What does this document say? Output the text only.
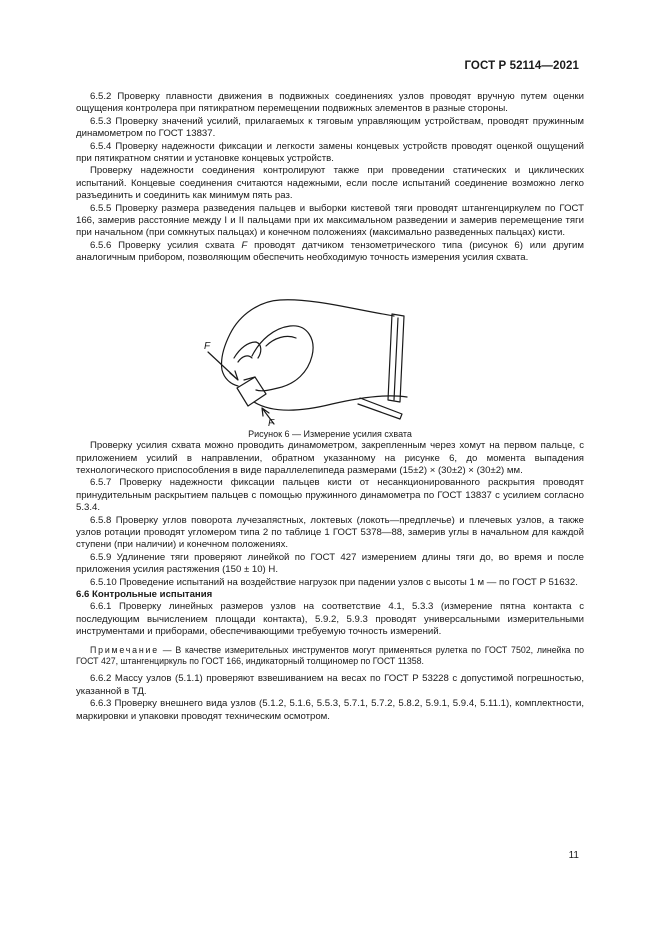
ГОСТ Р 52114—2021

6.5.2 Проверку плавности движения в подвижных соединениях узлов проводят вручную путем оценки ощущения контролера при пятикратном перемещении подвижных элементов в разные стороны.

6.5.3 Проверку значений усилий, прилагаемых к тяговым управляющим устройствам, проводят пружинным динамометром по ГОСТ 13837.

6.5.4 Проверку надежности фиксации и легкости замены концевых устройств проводят оценкой ощущений при пятикратном снятии и установке концевых устройств.

Проверку надежности соединения контролируют также при проведении статических и циклических испытаний. Концевые соединения считаются надежными, если после испытаний соединение возможно легко разъединить и соединить как минимум пять раз.

6.5.5 Проверку размера разведения пальцев и выборки кистевой тяги проводят штангенциркулем по ГОСТ 166, замерив расстояние между I и II пальцами при их максимальном разведении и замерив перемещение тяги при начальном (при сомкнутых пальцах) и конечном положениях (максимально разведенных пальцах) кисти.

6.5.6 Проверку усилия схвата F проводят датчиком тензометрического типа (рисунок 6) или другим аналогичным прибором, позволяющим обеспечить необходимую точность измерения усилия схвата.

F
F

Рисунок 6 — Измерение усилия схвата

Проверку усилия схвата можно проводить динамометром, закрепленным через хомут на первом пальце, с приложением усилий в направлении, обратном указанному на рисунке 6, до момента выпадения технологического приспособления в виде параллелепипеда размерами (15±2) × (30±2) × (30±2) мм.

6.5.7 Проверку надежности фиксации пальцев кисти от несанкционированного раскрытия проводят принудительным раскрытием пальцев с помощью пружинного динамометра по ГОСТ 13837 с усилием согласно 5.3.4.

6.5.8 Проверку углов поворота лучезапястных, локтевых (локоть—предплечье) и плечевых узлов, а также узлов ротации проводят угломером типа 2 по таблице 1 ГОСТ 5378—88, замерив углы в начальном для каждой ступени (при наличии) и конечном положениях.

6.5.9 Удлинение тяги проверяют линейкой по ГОСТ 427 измерением длины тяги до, во время и после приложения усилия растяжения (150 ± 10) Н.

6.5.10 Проведение испытаний на воздействие нагрузок при падении узлов с высоты 1 м — по ГОСТ Р 51632.

6.6 Контрольные испытания

6.6.1 Проверку линейных размеров узлов на соответствие 4.1, 5.3.3 (измерение пятна контакта с последующим вычислением площади контакта), 5.9.2, 5.9.3 проводят универсальными измерительными инструментами и приборами, обеспечивающими требуемую точность измерений.

Примечание — В качестве измерительных инструментов могут применяться рулетка по ГОСТ 7502, линейка по ГОСТ 427, штангенциркуль по ГОСТ 166, индикаторный толщиномер по ГОСТ 11358.

6.6.2 Массу узлов (5.1.1) проверяют взвешиванием на весах по ГОСТ Р 53228 с допустимой погрешностью, указанной в ТД.

6.6.3 Проверку внешнего вида узлов (5.1.2, 5.1.6, 5.5.3, 5.7.1, 5.7.2, 5.8.2, 5.9.1, 5.9.4, 5.11.1), комплектности, маркировки и упаковки проводят техническим осмотром.

11
